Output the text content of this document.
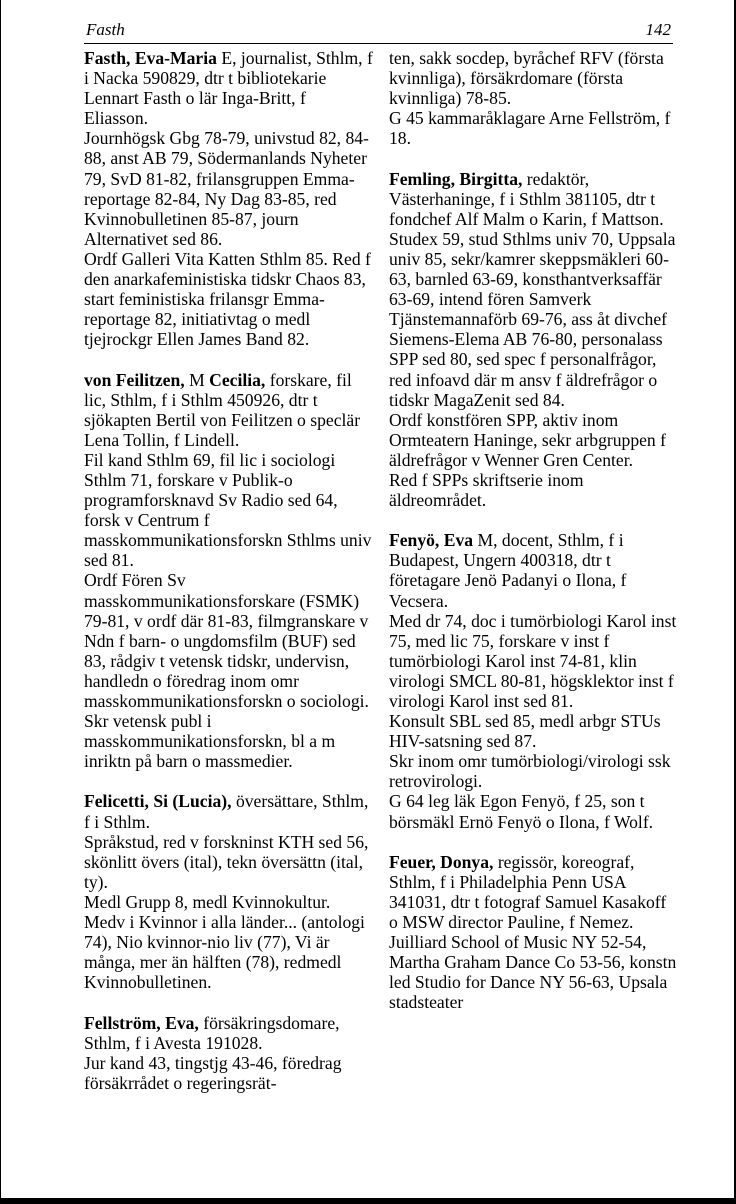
Fasth	142

Fasth, Eva-Maria E, journalist, Sthlm, f i Nacka 590829, dtr t bibliotekarie Lennart Fasth o lär Inga-Britt, f Eliasson.

Journhögsk Gbg 78-79, univstud 82, 84-88, anst AB 79, Södermanlands Nyheter 79, SvD 81-82, frilansgruppen Emma-reportage 82-84, Ny Dag 83-85, red Kvinnobulletinen 85-87, journ Alternativet sed 86.

Ordf Galleri Vita Katten Sthlm 85. Red f den anarkafeministiska tidskr Chaos 83, start feministiska frilansgr Emma-reportage 82, initiativtag o medl tjejrockgr Ellen James Band 82.

von Feilitzen, M Cecilia, forskare, fil lic, Sthlm, f i Sthlm 450926, dtr t sjökapten Bertil von Feilitzen o speclär Lena Tollin, f Lindell.

Fil kand Sthlm 69, fil lic i sociologi Sthlm 71, forskare v Publik-o programforsknavd Sv Radio sed 64, forsk v Centrum f masskommunikationsforskn Sthlms univ sed 81.

Ordf Fören Sv masskommunikationsforskare (FSMK) 79-81, v ordf där 81-83, filmgranskare v Ndn f barn- o ungdomsfilm (BUF) sed 83, rådgiv t vetensk tidskr, undervisn, handledn o föredrag inom omr masskommunikationsforskn o sociologi.

Skr vetensk publ i masskommunikationsforskn, bl a m inriktn på barn o massmedier.

Felicetti, Si (Lucia), översättare, Sthlm, f i Sthlm.

Språkstud, red v forskninst KTH sed 56, skönlitt övers (ital), tekn översättn (ital, ty).

Medl Grupp 8, medl Kvinnokultur.

Medv i Kvinnor i alla länder... (antologi 74), Nio kvinnor-nio liv (77), Vi är många, mer än hälften (78), redmedl Kvinnobulletinen.

Fellström, Eva, försäkringsdomare, Sthlm, f i Avesta 191028.

Jur kand 43, tingstjg 43-46, föredrag försäkrrådet o regeringsrät-

ten, sakk socdep, byråchef RFV (första kvinnliga), försäkrdomare (första kvinnliga) 78-85.

G 45 kammaråklagare Arne Fellström, f 18.

Femling, Birgitta, redaktör, Västerhaninge, f i Sthlm 381105, dtr t fondchef Alf Malm o Karin, f Mattson.

Studex 59, stud Sthlms univ 70, Uppsala univ 85, sekr/kamrer skeppsmäkleri 60-63, barnled 63-69, konsthantverksaffär 63-69, intend fören Samverk Tjänstemannaförb 69-76, ass åt divchef Siemens-Elema AB 76-80, personalass SPP sed 80, sed spec f personalfrågor, red infoavd där m ansv f äldrefrågor o tidskr MagaZenit sed 84.

Ordf konstfören SPP, aktiv inom Ormteatern Haninge, sekr arbgruppen f äldrefrågor v Wenner Gren Center.

Red f SPPs skriftserie inom äldreområdet.

Fenyö, Eva M, docent, Sthlm, f i Budapest, Ungern 400318, dtr t företagare Jenö Padanyi o Ilona, f Vecsera.

Med dr 74, doc i tumörbiologi Karol inst 75, med lic 75, forskare v inst f tumörbiologi Karol inst 74-81, klin virologi SMCL 80-81, högsklektor inst f virologi Karol inst sed 81.

Konsult SBL sed 85, medl arbgr STUs HIV-satsning sed 87.

Skr inom omr tumörbiologi/virologi ssk retrovirologi.

G 64 leg läk Egon Fenyö, f 25, son t börsmäkl Ernö Fenyö o Ilona, f Wolf.

Feuer, Donya, regissör, koreograf, Sthlm, f i Philadelphia Penn USA 341031, dtr t fotograf Samuel Kasakoff o MSW director Pauline, f Nemez.

Juilliard School of Music NY 52-54, Martha Graham Dance Co 53-56, konstn led Studio for Dance NY 56-63, Upsala stadsteater
